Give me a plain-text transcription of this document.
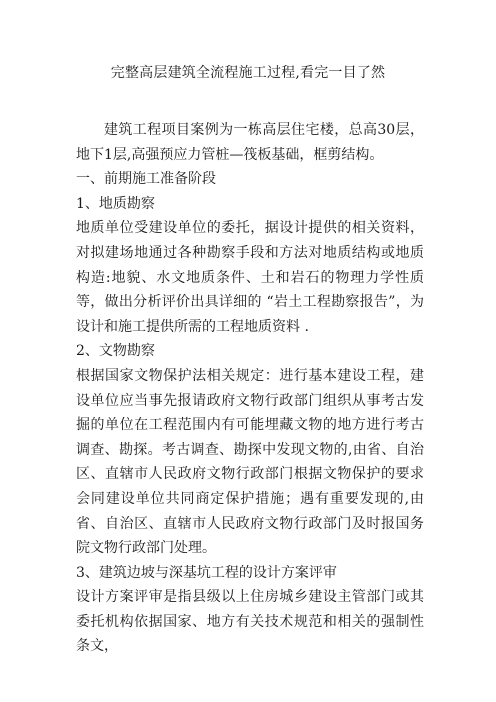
完整高层建筑全流程施工过程,看完一目了然

建筑工程项目案例为一栋高层住宅楼，总高30层，地下1层,高强预应力管桩—筏板基础，框剪结构。

一、前期施工准备阶段

1、地质勘察

地质单位受建设单位的委托，据设计提供的相关资料，对拟建场地通过各种勘察手段和方法对地质结构或地质构造:地貌、水文地质条件、土和岩石的物理力学性质等，做出分析评价出具详细的 “岩土工程勘察报告”，为设计和施工提供所需的工程地质资料 .

2、文物勘察

根据国家文物保护法相关规定：进行基本建设工程，建设单位应当事先报请政府文物行政部门组织从事考古发掘的单位在工程范围内有可能埋藏文物的地方进行考古调查、勘探。考古调查、勘探中发现文物的,由省、自治区、直辖市人民政府文物行政部门根据文物保护的要求会同建设单位共同商定保护措施；遇有重要发现的,由省、自治区、直辖市人民政府文物行政部门及时报国务院文物行政部门处理。

3、建筑边坡与深基坑工程的设计方案评审

设计方案评审是指县级以上住房城乡建设主管部门或其委托机构依据国家、地方有关技术规范和相关的强制性条文，
